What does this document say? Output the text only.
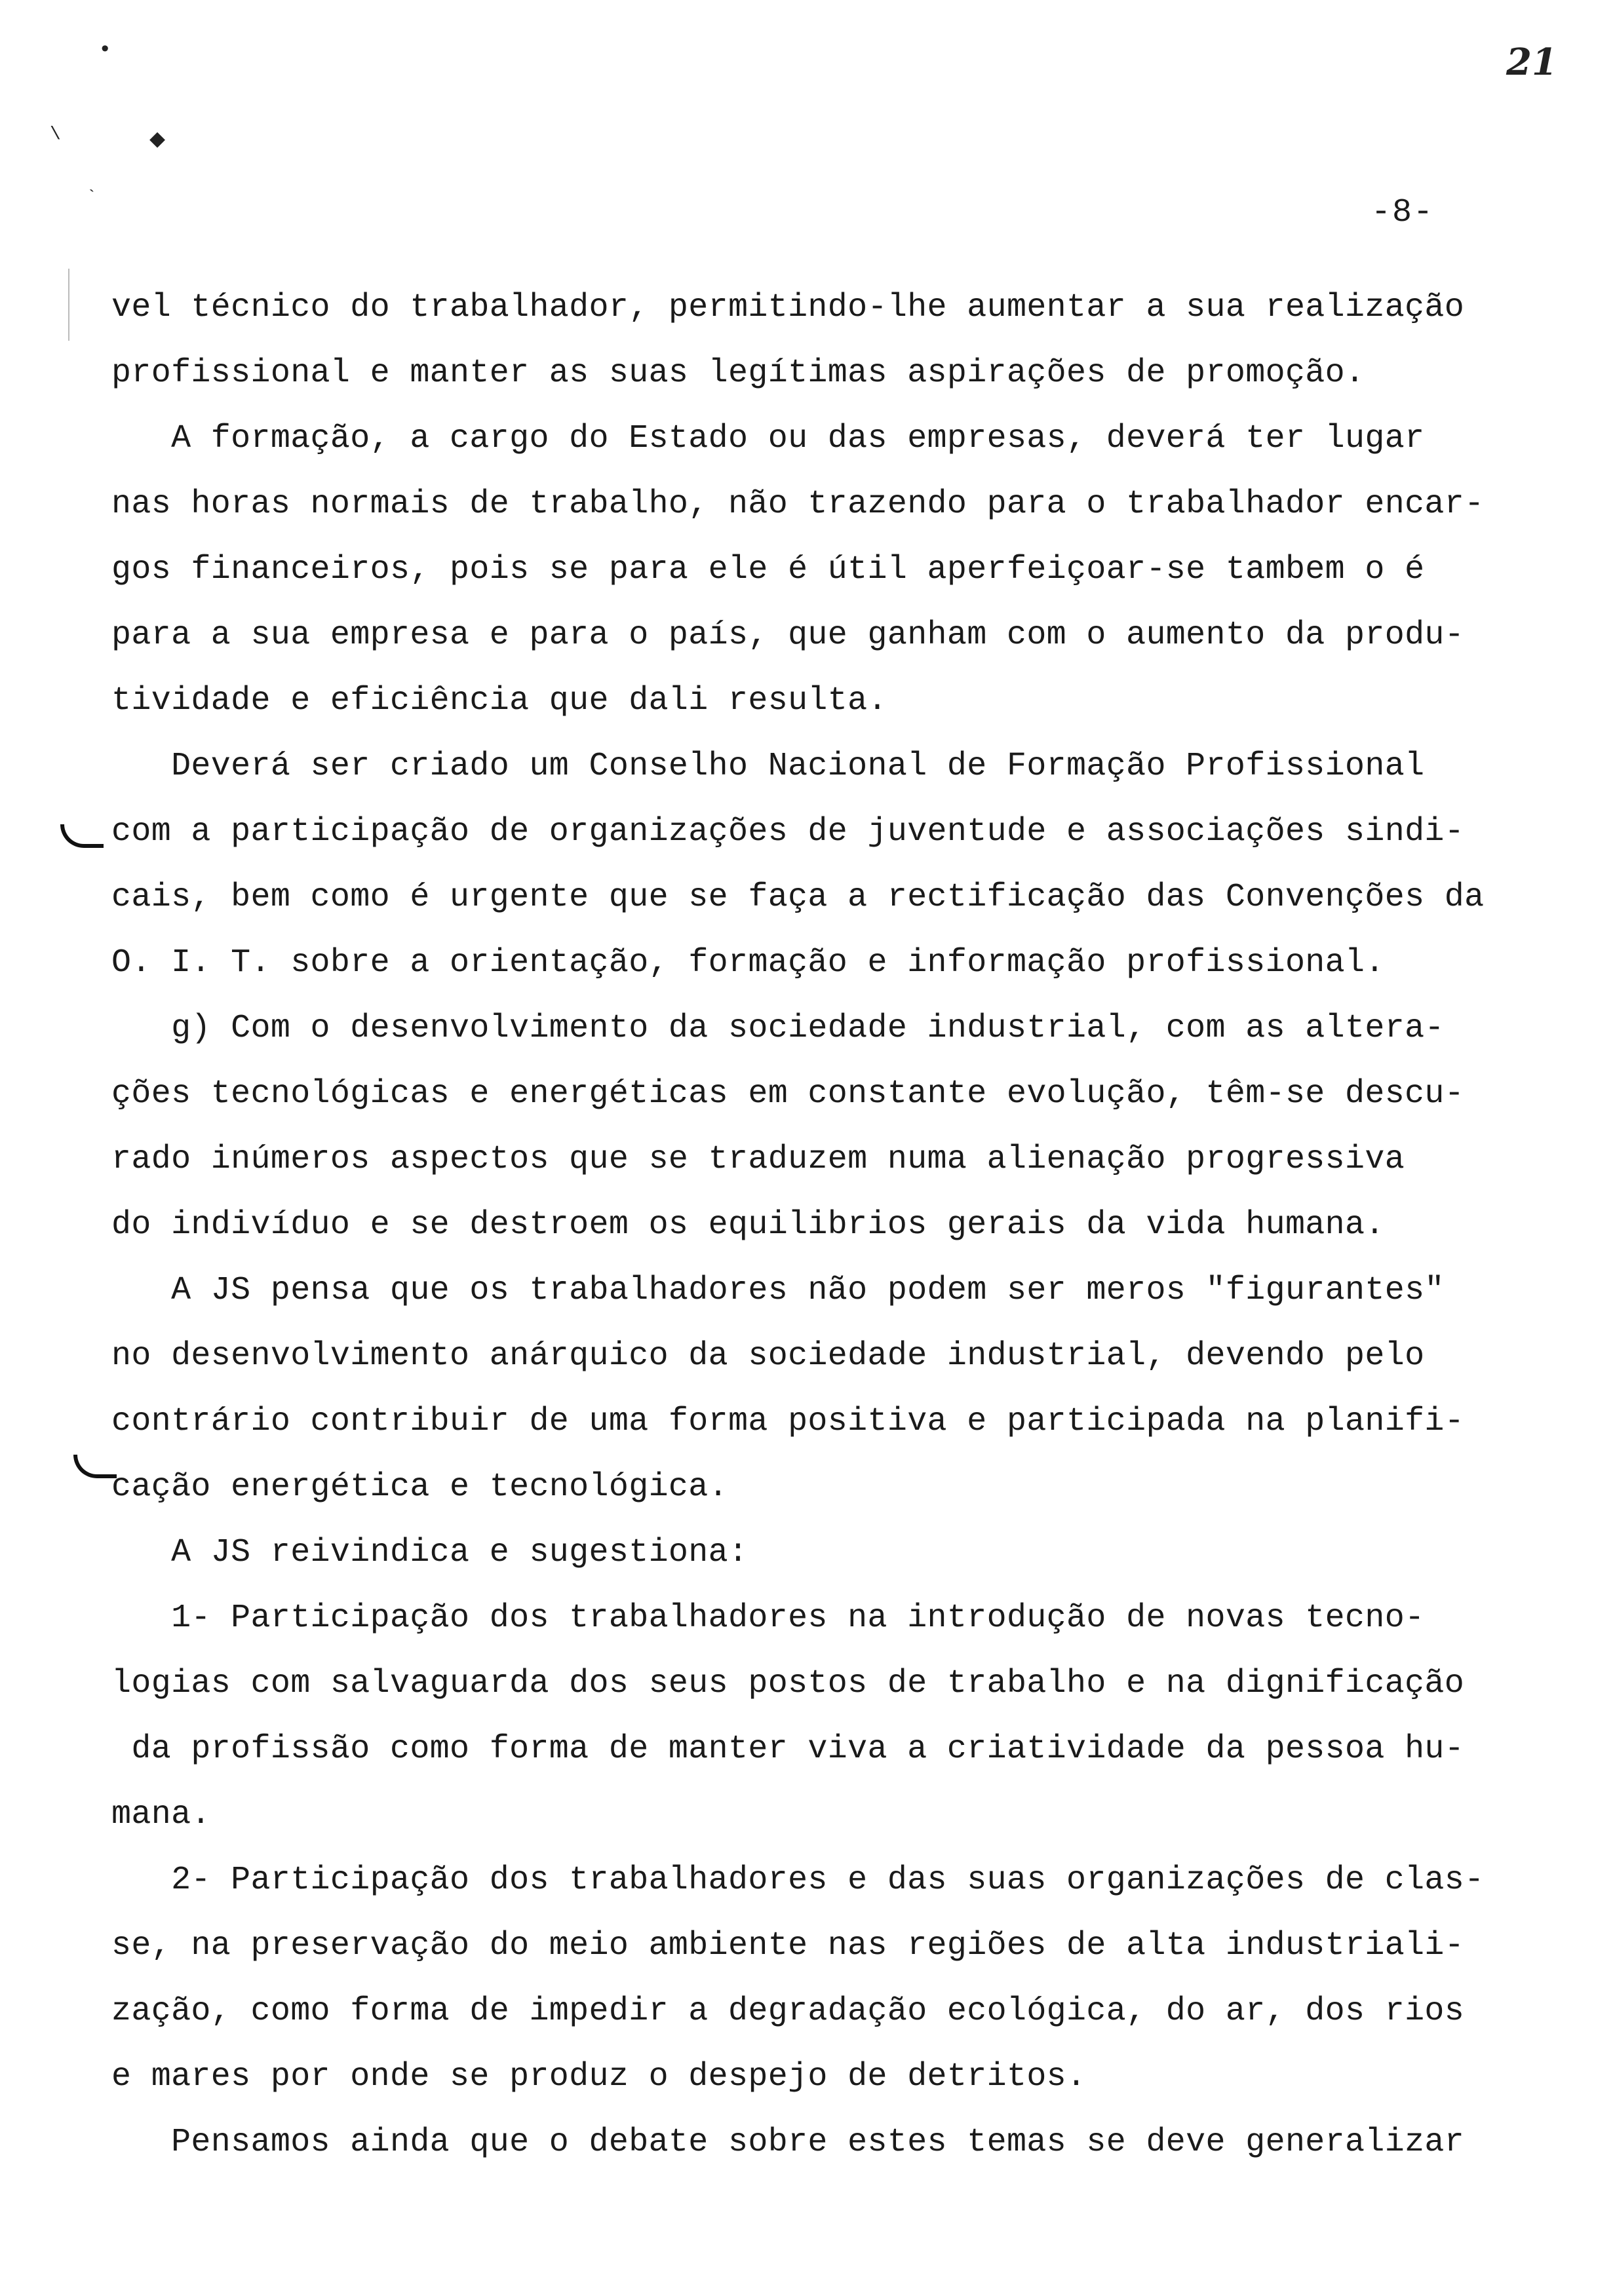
21
-8-
•
\	◆
`
vel técnico do trabalhador, permitindo-lhe aumentar a sua realização
profissional e manter as suas legítimas aspirações de promoção.
A formação, a cargo do Estado ou das empresas, deverá ter lugar
nas horas normais de trabalho, não trazendo para o trabalhador encar-
gos financeiros, pois se para ele é útil aperfeiçoar-se tambem o é
para a sua empresa e para o país, que ganham com o aumento da produ-
tividade e eficiência que dali resulta.
Deverá ser criado um Conselho Nacional de Formação Profissional
com a participação de organizações de juventude e associações sindi-
cais, bem como é urgente que se faça a rectificação das Convenções da
O. I. T. sobre a orientação, formação e informação profissional.
g) Com o desenvolvimento da sociedade industrial, com as altera-
ções tecnológicas e energéticas em constante evolução, têm-se descu-
rado inúmeros aspectos que se traduzem numa alienação progressiva
do indivíduo e se destroem os equilibrios gerais da vida humana.
A JS pensa que os trabalhadores não podem ser meros "figurantes"
no desenvolvimento anárquico da sociedade industrial, devendo pelo
contrário contribuir de uma forma positiva e participada na planifi-
cação energética e tecnológica.
A JS reivindica e sugestiona:
1- Participação dos trabalhadores na introdução de novas tecno-
logias com salvaguarda dos seus postos de trabalho e na dignificação
da profissão como forma de manter viva a criatividade da pessoa hu-
mana.
2- Participação dos trabalhadores e das suas organizações de clas-
se, na preservação do meio ambiente nas regiões de alta industriali-
zação, como forma de impedir a degradação ecológica, do ar, dos rios
e mares por onde se produz o despejo de detritos.
Pensamos ainda que o debate sobre estes temas se deve generalizar
